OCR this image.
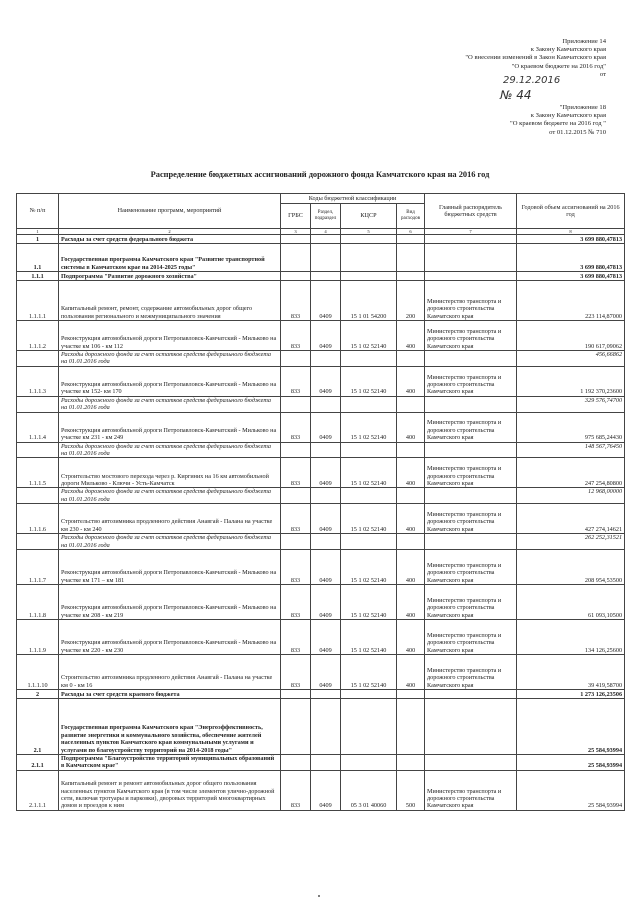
Приложение 14
к Закону Камчатского края
"О внесении изменений в Закон Камчатского края
"О краевом бюджете на 2016 год"
от
29.12.2016
№ 44
"Приложение 18
к Закону Камчатского края
"О краевом бюджете на 2016 год "
от 01.12.2015 № 710
Распределение бюджетных ассигнований дорожного фонда Камчатского края на 2016 год
№ п/п	Наименование программ, мероприятий	Коды бюджетной классификации				Главный распорядитель бюджетных средств	Годовой объем ассигнований на 2016 год
		ГРБС	Раздел, подраздел	КЦСР	Вид расходов		
1	2	3	4	5	6	7	8
1	Расходы за счет средств федерального бюджета						3 699 880,47813
1.1	Государственная программа Камчатского края "Развитие транспортной системы в Камчатском крае на 2014-2025 годы"						3 699 880,47813
1.1.1	Подпрограмма "Развитие дорожного хозяйства"						3 699 880,47813
1.1.1.1	Капитальный ремонт, ремонт, содержание автомобильных дорог общего пользования регионального и межмуниципального значения	833	0409	15 1 01 54200	200	Министерство транспорта и дорожного строительства Камчатского края	223 114,87000
1.1.1.2	Реконструкция автомобильной дороги Петропавловск-Камчатский - Мильково на участке км 106 - км 112	833	0409	15 1 02 52140	400	Министерство транспорта и дорожного строительства Камчатского края	190 617,09062
	Расходы дорожного фонда за счет остатков средств федерального бюджета на 01.01.2016 года						456,66862
1.1.1.3	Реконструкция автомобильной дороги Петропавловск-Камчатский - Мильково на участке км 152- км 170	833	0409	15 1 02 52140	400	Министерство транспорта и дорожного строительства Камчатского края	1 192 370,23600
	Расходы дорожного фонда за счет остатков средств федерального бюджета на 01.01.2016 года						329 576,74700
1.1.1.4	Реконструкция автомобильной дороги Петропавловск-Камчатский - Мильково на участке км 231 - км 249	833	0409	15 1 02 52140	400	Министерство транспорта и дорожного строительства Камчатского края	975 685,24430
	Расходы дорожного фонда за счет остатков средств федерального бюджета на 01.01.2016 года						148 567,76450
1.1.1.5	Строительство мостового перехода через р. Киргиних на 16 км автомобильной дороги Мильково - Ключи - Усть-Камчатск	833	0409	15 1 02 52140	400	Министерство транспорта и дорожного строительства Камчатского края	247 254,80800
	Расходы дорожного фонда за счет остатков средств федерального бюджета на 01.01.2016 года						12 968,00000
1.1.1.6	Строительство автозимника продленного действия Анавгай - Палана на участке км 230 - км 240	833	0409	15 1 02 52140	400	Министерство транспорта и дорожного строительства Камчатского края	427 274,14621
	Расходы дорожного фонда за счет остатков средств федерального бюджета на 01.01.2016 года						262 252,31521
1.1.1.7	Реконструкция автомобильной дороги Петропавловск-Камчатский - Мильково на участке км 171 – км 181	833	0409	15 1 02 52140	400	Министерство транспорта и дорожного строительства Камчатского края	208 954,53500
1.1.1.8	Реконструкция автомобильной дороги Петропавловск-Камчатский - Мильково на участке км 208 - км 219	833	0409	15 1 02 52140	400	Министерство транспорта и дорожного строительства Камчатского края	61 093,10500
1.1.1.9	Реконструкция автомобильной дороги Петропавловск-Камчатский - Мильково на участке км 220 - км 230	833	0409	15 1 02 52140	400	Министерство транспорта и дорожного строительства Камчатского края	134 126,25600
1.1.1.10	Строительство автозимника продленного действия Анавгай - Палана на участке км 0 - км 16	833	0409	15 1 02 52140	400	Министерство транспорта и дорожного строительства Камчатского края	39 419,58700
2	Расходы за счет средств краевого бюджета						1 273 126,23506
2.1	Государственная программа Камчатского края "Энергоэффективность, развитие энергетики и коммунального хозяйства, обеспечение жителей населенных пунктов Камчатского края коммунальными услугами и услугами по благоустройству территорий на 2014-2018 годы"						25 584,93994
2.1.1	Подпрограмма "Благоустройство территорий муниципальных образований в Камчатском крае"						25 584,93994
2.1.1.1	Капитальный ремонт и ремонт автомобильных дорог общего пользования населенных пунктов Камчатского края (в том числе элементов улично-дорожной сети, включая тротуары и парковки), дворовых территорий многоквартирных домов и проездов к ним	833	0409	05 3 01 40060	500	Министерство транспорта и дорожного строительства Камчатского края	25 584,93994
